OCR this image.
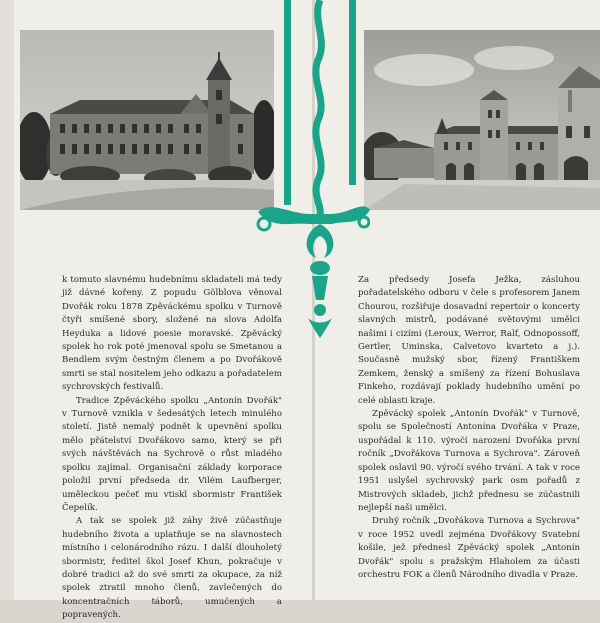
k tomuto slavnému hudebnímu skladateli má tedy již dávné kořeny. Z popudu Gölblova věnoval Dvořák roku 1878 Zpěváckému spolku v Turnově čtyři smíšené sbory, složené na slova Adolfa Heyduka a lidové poesie moravské. Zpěvácký spolek ho rok poté jmenoval spolu se Smetanou a Bendlem svým čestným členem a po Dvořákově smrti se stal nositelem jeho odkazu a pořadatelem sychrovských festivalů.

Tradice Zpěváckého spolku „Antonín Dvořák" v Turnově vznikla v šedesátých letech minulého století. Jistě nemalý podnět k upevnění spolku mělo přátelství Dvořákovo samo, který se při svých návštěvách na Sychrově o růst mladého spolku zajímal. Organisační základy korporace položil první předseda dr. Vilém Laufberger, uměleckou pečeť mu vtiskl sbormistr František Čepelík.

A tak se spolek již záhy živě zúčastňuje hudebního života a uplatňuje se na slavnostech místního i celonárodního rázu. I další dlouholetý sbormistr, ředitel škol Josef Khun, pokračuje v dobré tradici až do své smrti za okupace, za níž spolek ztratil mnoho členů, zavlečených do koncentračních táborů, umučených a popravených.

Za předsedy Josefa Ježka, zásluhou pořadatelského odboru v čele s profesorem Janem Chourou, rozšiřuje dosavadní repertoir o koncerty slavných mistrů, podávané světovými umělci našimi i cizími (Leroux, Werror, Ralf, Odnopossoff, Gertler, Uminska, Calvetovo kvarteto a j.). Současně mužský sbor, řízený Františkem Zemkem, ženský a smíšený za řízení Bohuslava Finkeho, rozdávají poklady hudebního umění po celé oblasti kraje.

Zpěvácký spolek „Antonín Dvořák" v Turnově, spolu se Společností Antonína Dvořáka v Praze, uspořádal k 110. výročí narození Dvořáka první ročník „Dvořákova Turnova a Sychrova". Zároveň spolek oslavil 90. výročí svého trvání. A tak v roce 1951 uslyšel sychrovský park osm pořadů z Mistrových skladeb, jichž přednesu se zúčastnili nejlepší naši umělci.

Druhý ročník „Dvořákova Turnova a Sychrova" v roce 1952 uvedl zejména Dvořákovy Svatební košile, jež přednesl Zpěvácký spolek „Antonín Dvořák" spolu s pražským Hlaholem za účasti orchestru FOK a členů Národního divadla v Praze.
